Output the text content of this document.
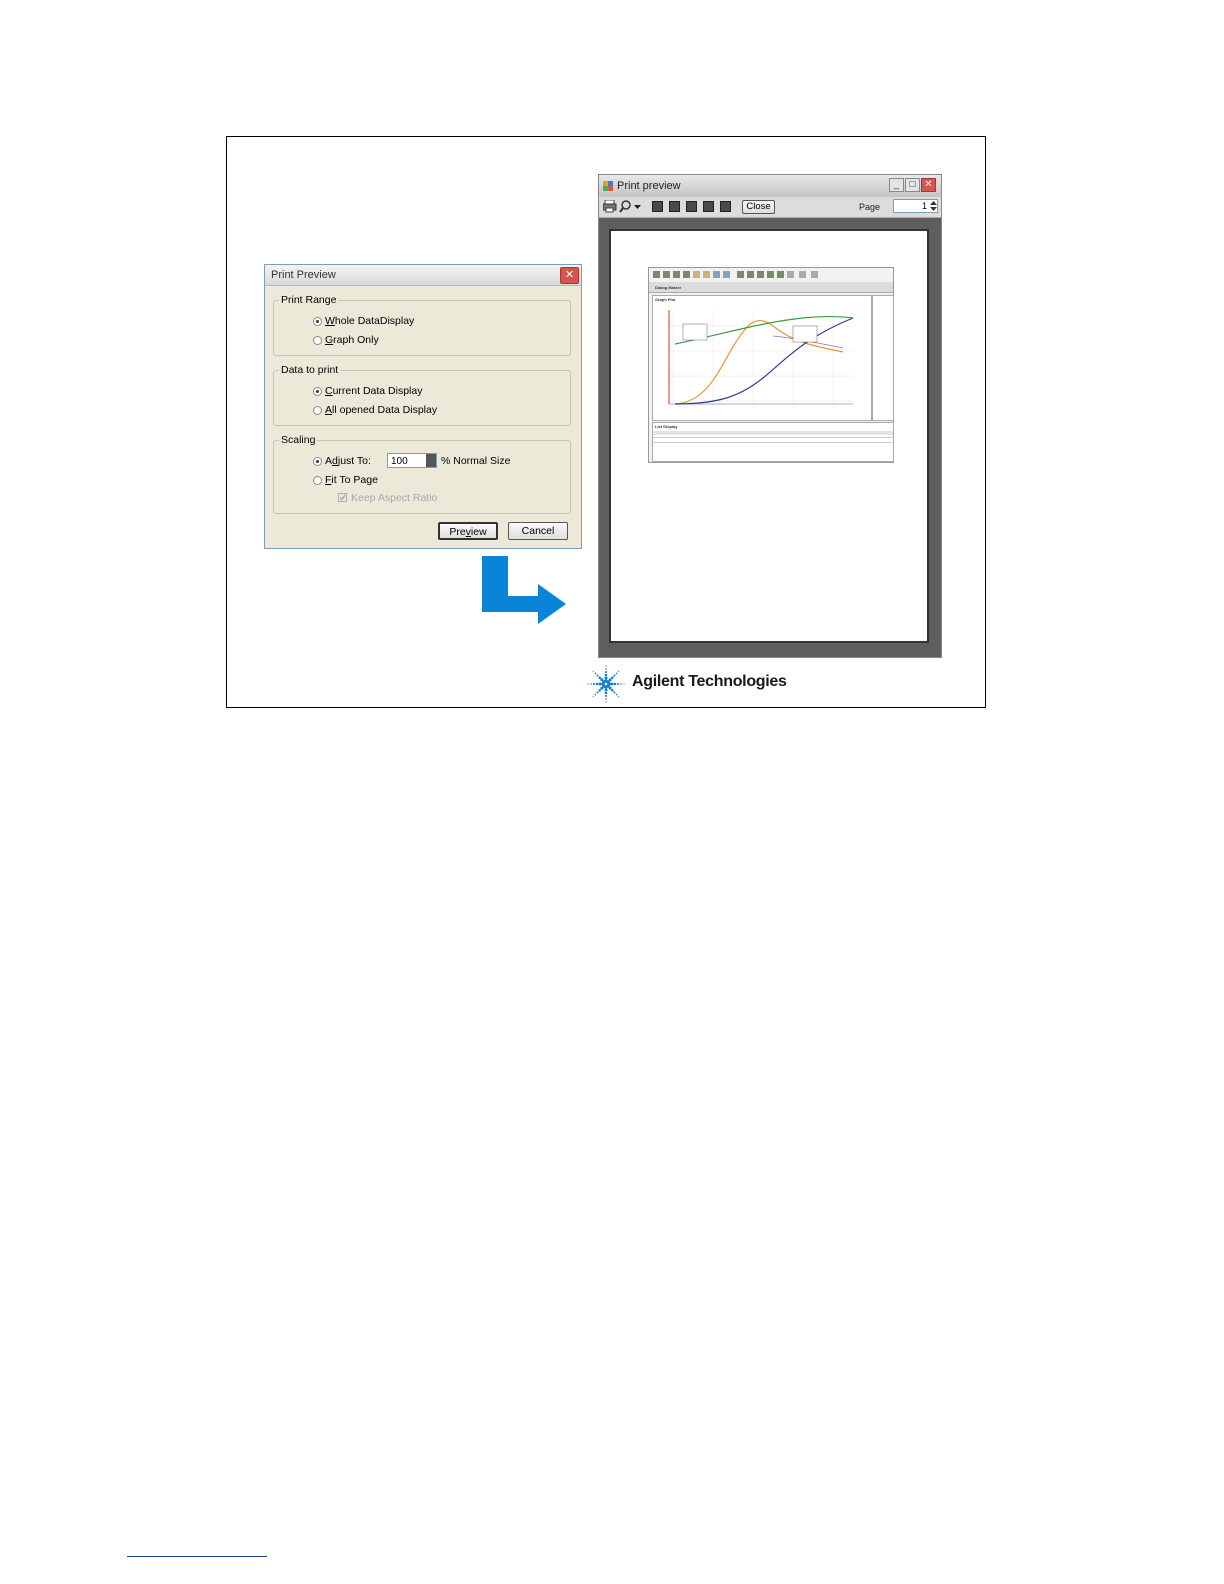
Print Preview	✕
Print Range
Whole DataDisplay
Graph Only
Data to print
Current Data Display
All opened Data Display
Scaling
Adjust To:	100	% Normal Size
Fit To Page
Keep Aspect Ratio
Preview	Cancel
Print preview	_	□ ✕
Close	Page	1
Dialog Master
Graph Plot
List Display
Agilent Technologies
